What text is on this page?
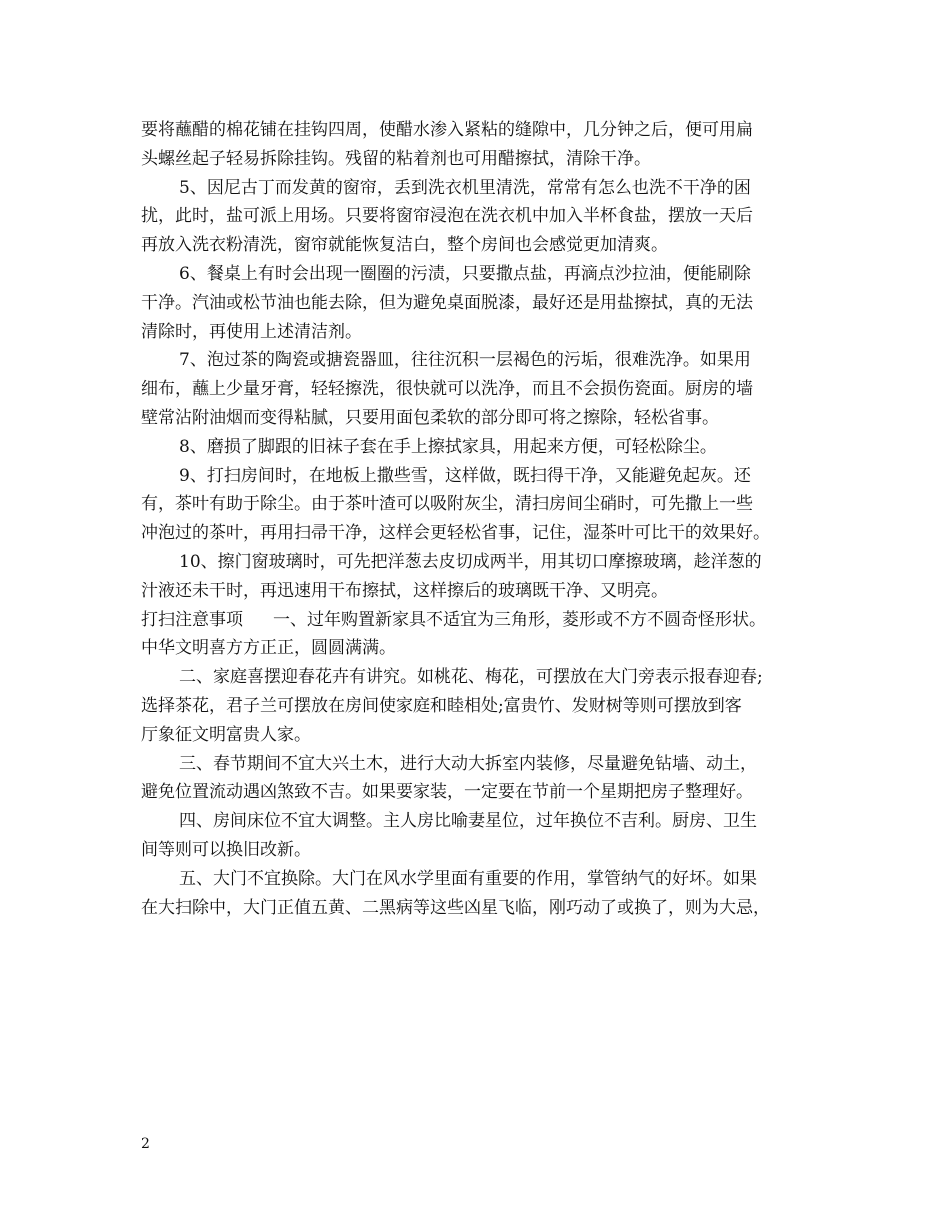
要将蘸醋的棉花铺在挂钩四周，使醋水渗入紧粘的缝隙中，几分钟之后，便可用扁
头螺丝起子轻易拆除挂钩。残留的粘着剂也可用醋擦拭，清除干净。
5、因尼古丁而发黄的窗帘，丢到洗衣机里清洗，常常有怎么也洗不干净的困
扰，此时，盐可派上用场。只要将窗帘浸泡在洗衣机中加入半杯食盐，摆放一天后
再放入洗衣粉清洗，窗帘就能恢复洁白，整个房间也会感觉更加清爽。
6、餐桌上有时会出现一圈圈的污渍，只要撒点盐，再滴点沙拉油，便能刷除
干净。汽油或松节油也能去除，但为避免桌面脱漆，最好还是用盐擦拭，真的无法
清除时，再使用上述清洁剂。
7、泡过茶的陶瓷或搪瓷器皿，往往沉积一层褐色的污垢，很难洗净。如果用
细布，蘸上少量牙膏，轻轻擦洗，很快就可以洗净，而且不会损伤瓷面。厨房的墙
壁常沾附油烟而变得粘腻，只要用面包柔软的部分即可将之擦除，轻松省事。
8、磨损了脚跟的旧袜子套在手上擦拭家具，用起来方便，可轻松除尘。
9、打扫房间时，在地板上撒些雪，这样做，既扫得干净，又能避免起灰。还
有，茶叶有助于除尘。由于茶叶渣可以吸附灰尘，清扫房间尘硝时，可先撒上一些
冲泡过的茶叶，再用扫帚干净，这样会更轻松省事，记住，湿茶叶可比干的效果好。
10、擦门窗玻璃时，可先把洋葱去皮切成两半，用其切口摩擦玻璃，趁洋葱的
汁液还未干时，再迅速用干布擦拭，这样擦后的玻璃既干净、又明亮。
打扫注意事项 一、过年购置新家具不适宜为三角形，菱形或不方不圆奇怪形状。
中华文明喜方方正正，圆圆满满。
二、家庭喜摆迎春花卉有讲究。如桃花、梅花，可摆放在大门旁表示报春迎春;
选择茶花，君子兰可摆放在房间使家庭和睦相处;富贵竹、发财树等则可摆放到客
厅象征文明富贵人家。
三、春节期间不宜大兴土木，进行大动大拆室内装修，尽量避免钻墙、动土，
避免位置流动遇凶煞致不吉。如果要家装，一定要在节前一个星期把房子整理好。
四、房间床位不宜大调整。主人房比喻妻星位，过年换位不吉利。厨房、卫生
间等则可以换旧改新。
五、大门不宜换除。大门在风水学里面有重要的作用，掌管纳气的好坏。如果
在大扫除中，大门正值五黄、二黑病等这些凶星飞临，刚巧动了或换了，则为大忌，
2
